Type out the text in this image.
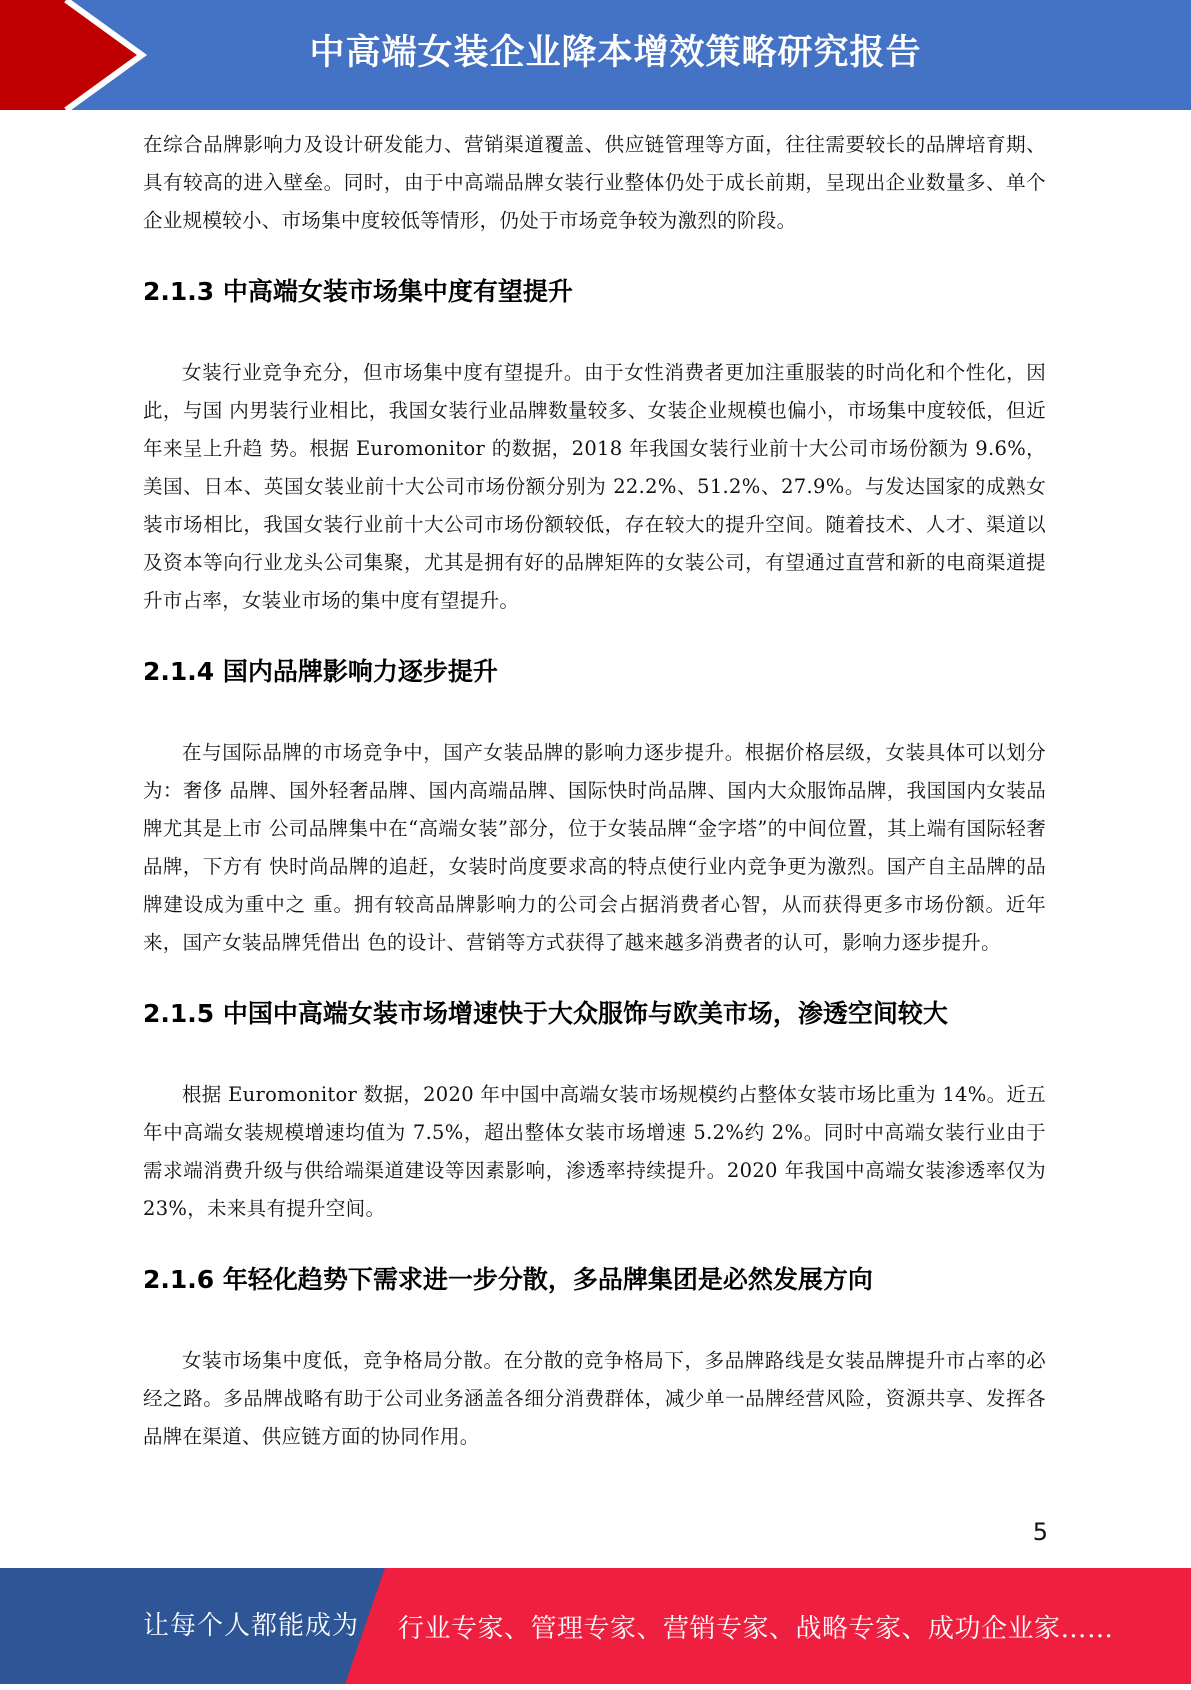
中高端女装企业降本增效策略研究报告

在综合品牌影响力及设计研发能力、营销渠道覆盖、供应链管理等方面，往往需要较长的品牌培育期、具有较高的进入壁垒。同时，由于中高端品牌女装行业整体仍处于成长前期，呈现出企业数量多、单个企业规模较小、市场集中度较低等情形，仍处于市场竞争较为激烈的阶段。

2.1.3 中高端女装市场集中度有望提升

女装行业竞争充分，但市场集中度有望提升。由于女性消费者更加注重服装的时尚化和个性化，因此，与国 内男装行业相比，我国女装行业品牌数量较多、女装企业规模也偏小，市场集中度较低，但近年来呈上升趋 势。根据 Euromonitor 的数据，2018 年我国女装行业前十大公司市场份额为 9.6%，美国、日本、英国女装业前十大公司市场份额分别为 22.2%、51.2%、27.9%。与发达国家的成熟女装市场相比，我国女装行业前十大公司市场份额较低，存在较大的提升空间。随着技术、人才、渠道以及资本等向行业龙头公司集聚，尤其是拥有好的品牌矩阵的女装公司，有望通过直营和新的电商渠道提升市占率，女装业市场的集中度有望提升。

2.1.4 国内品牌影响力逐步提升

在与国际品牌的市场竞争中，国产女装品牌的影响力逐步提升。根据价格层级，女装具体可以划分为：奢侈 品牌、国外轻奢品牌、国内高端品牌、国际快时尚品牌、国内大众服饰品牌，我国国内女装品牌尤其是上市 公司品牌集中在“高端女装”部分，位于女装品牌“金字塔”的中间位置，其上端有国际轻奢品牌，下方有 快时尚品牌的追赶，女装时尚度要求高的特点使行业内竞争更为激烈。国产自主品牌的品牌建设成为重中之 重。拥有较高品牌影响力的公司会占据消费者心智，从而获得更多市场份额。近年来，国产女装品牌凭借出 色的设计、营销等方式获得了越来越多消费者的认可，影响力逐步提升。

2.1.5 中国中高端女装市场增速快于大众服饰与欧美市场，渗透空间较大

根据 Euromonitor 数据，2020 年中国中高端女装市场规模约占整体女装市场比重为 14%。近五年中高端女装规模增速均值为 7.5%，超出整体女装市场增速 5.2%约 2%。同时中高端女装行业由于需求端消费升级与供给端渠道建设等因素影响，渗透率持续提升。2020 年我国中高端女装渗透率仅为 23%，未来具有提升空间。

2.1.6 年轻化趋势下需求进一步分散，多品牌集团是必然发展方向

女装市场集中度低，竞争格局分散。在分散的竞争格局下，多品牌路线是女装品牌提升市占率的必经之路。多品牌战略有助于公司业务涵盖各细分消费群体，减少单一品牌经营风险，资源共享、发挥各品牌在渠道、供应链方面的协同作用。

5
让每个人都能成为 行业专家、管理专家、营销专家、战略专家、成功企业家……
